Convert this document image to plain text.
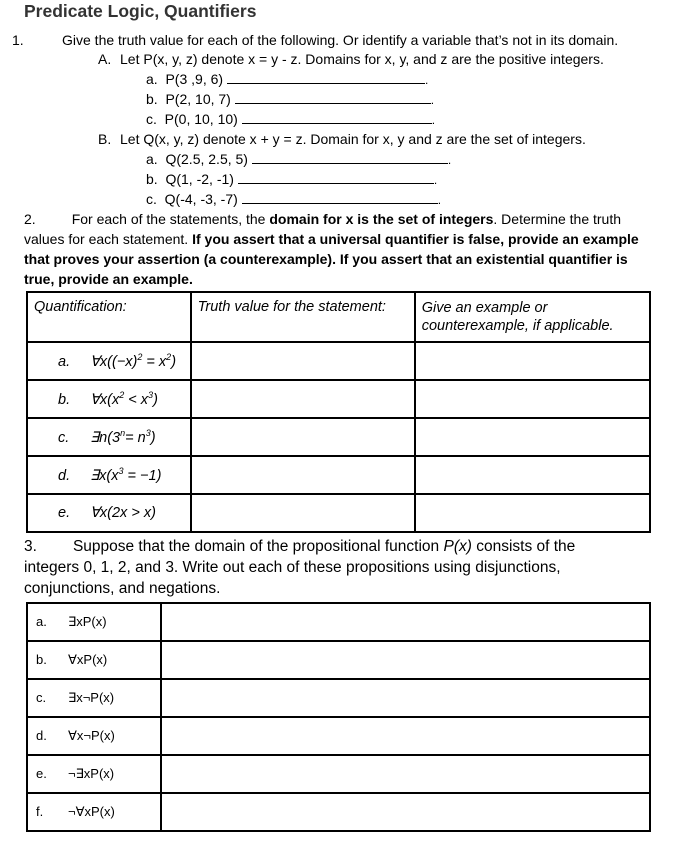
Predicate Logic, Quantifiers
1.	Give the truth value for each of the following. Or identify a variable that’s not in its domain.
A. Let P(x, y, z) denote x = y - z. Domains for x, y, and z are the positive integers.
a. P(3 ,9, 6)	.
b. P(2, 10, 7)	.
c. P(0, 10, 10)	.
B. Let Q(x, y, z) denote x + y = z. Domain for x, y and z are the set of integers.
a. Q(2.5, 2.5, 5)	.
b. Q(1, -2, -1)	.
c. Q(-4, -3, -7)	.
2.	For each of the statements, the domain for x is the set of integers. Determine the truth values for each statement. If you assert that a universal quantifier is false, provide an example that proves your assertion (a counterexample). If you assert that an existential quantifier is true, provide an example.
Quantification:	Truth value for the statement:	Give an example or counterexample, if applicable.
a. $\forall x((-x)^2 = x^2)$		
b. $\forall x(x^2 < x^3)$		
c. $\exists n(3^n= n^3)$		
d. $\exists x(x^3 = -1)$		
e. ∀x(2x > x)		
3. Suppose that the domain of the propositional function P(x) consists of the integers 0, 1, 2, and 3. Write out each of these propositions using disjunctions, conjunctions, and negations.
a. ∃xP(x)	
b. ∀xP(x)	
c. ∃x¬P(x)	
d. ∀x¬P(x)	
e. ¬∃xP(x)	
f. ¬∀xP(x)	
